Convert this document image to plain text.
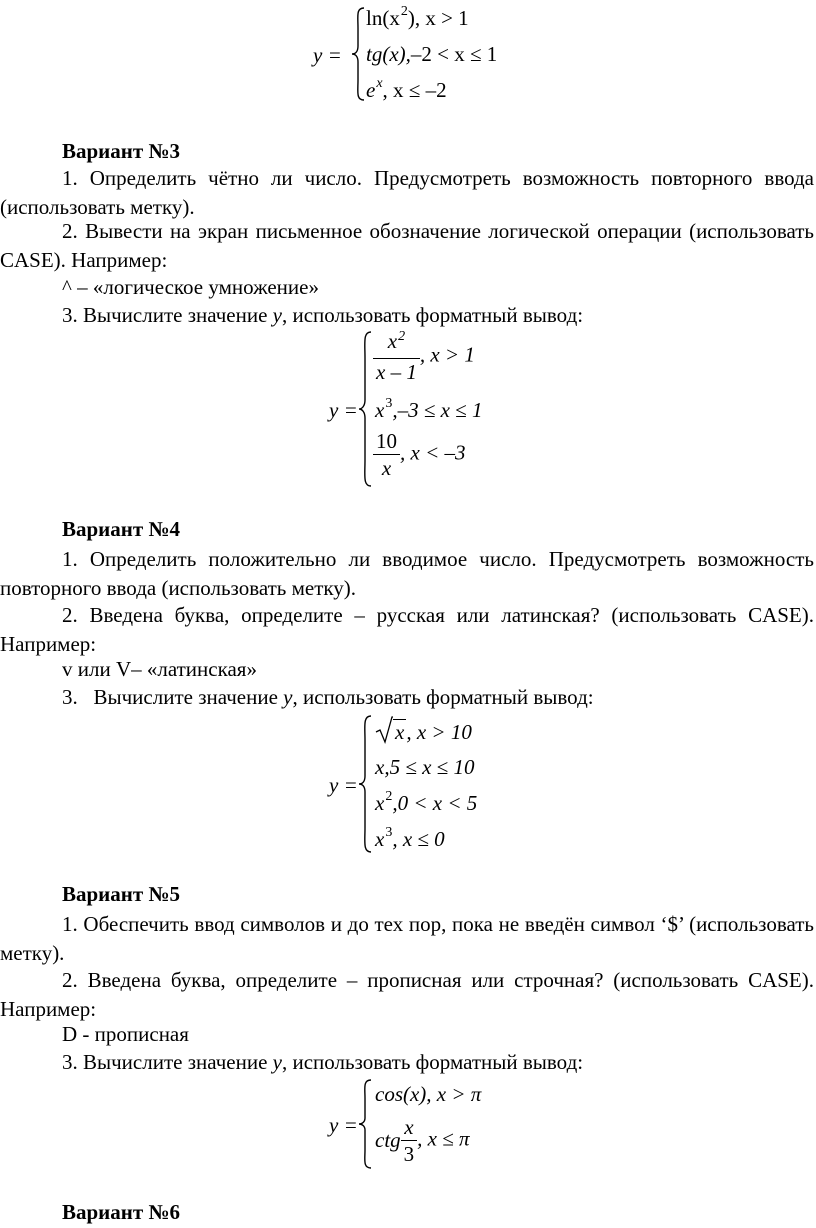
y =
$\ln(x^2)$, x > 1
tg(x),–2 < x ≤ 1
$e^x$, x ≤ –2

Вариант №3

1. Определить чётно ли число. Предусмотреть возможность повторного ввода (использовать метку).

2. Вывести на экран письменное обозначение логической операции (использовать CASE). Например:

^ – «логическое умножение»

3. Вычислите значение y, использовать форматный вывод:

y =
$\frac{x^2}{x - 1}$ , x > 1
$x^3,-3 \le x \le 1$
$\frac{10}{x}$ , x < –3

Вариант №4

1. Определить положительно ли вводимое число. Предусмотреть возможность повторного ввода (использовать метку).

2. Введена буква, определите – русская или латинская? (использовать CASE). Например:

v или V– «латинская»

3.   Вычислите значение y, использовать форматный вывод:

y =
x, x > 10
x,5 ≤ x ≤ 10
$x^2,0 < x < 5$
$x^3$, x ≤ 0

Вариант №5

1. Обеспечить ввод символов и до тех пор, пока не введён символ ‘$’ (использовать метку).

2. Введена буква, определите – прописная или строчная? (использовать CASE). Например:

D - прописная

3. Вычислите значение y, использовать форматный вывод:

y =
cos(x), x > π
ctg $\frac{x}{3}$ , x ≤ π

Вариант №6
